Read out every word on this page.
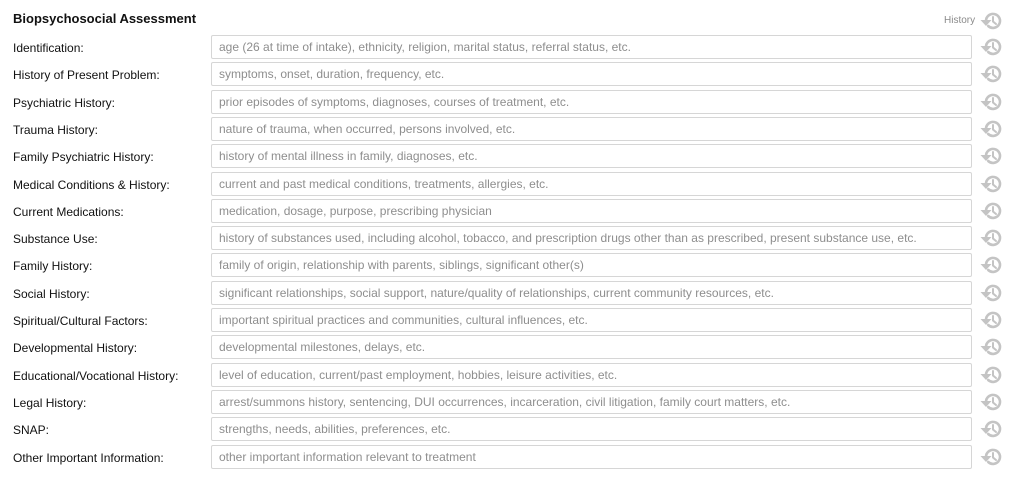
Biopsychosocial Assessment	History
Identification:
age (26 at time of intake), ethnicity, religion, marital status, referral status, etc.
History of Present Problem:
symptoms, onset, duration, frequency, etc.
Psychiatric History:
prior episodes of symptoms, diagnoses, courses of treatment, etc.
Trauma History:
nature of trauma, when occurred, persons involved, etc.
Family Psychiatric History:
history of mental illness in family, diagnoses, etc.
Medical Conditions & History:
current and past medical conditions, treatments, allergies, etc.
Current Medications:
medication, dosage, purpose, prescribing physician
Substance Use:
history of substances used, including alcohol, tobacco, and prescription drugs other than as prescribed, present substance use, etc.
Family History:
family of origin, relationship with parents, siblings, significant other(s)
Social History:
significant relationships, social support, nature/quality of relationships, current community resources, etc.
Spiritual/Cultural Factors:
important spiritual practices and communities, cultural influences, etc.
Developmental History:
developmental milestones, delays, etc.
Educational/Vocational History:
level of education, current/past employment, hobbies, leisure activities, etc.
Legal History:
arrest/summons history, sentencing, DUI occurrences, incarceration, civil litigation, family court matters, etc.
SNAP:
strengths, needs, abilities, preferences, etc.
Other Important Information:
other important information relevant to treatment
